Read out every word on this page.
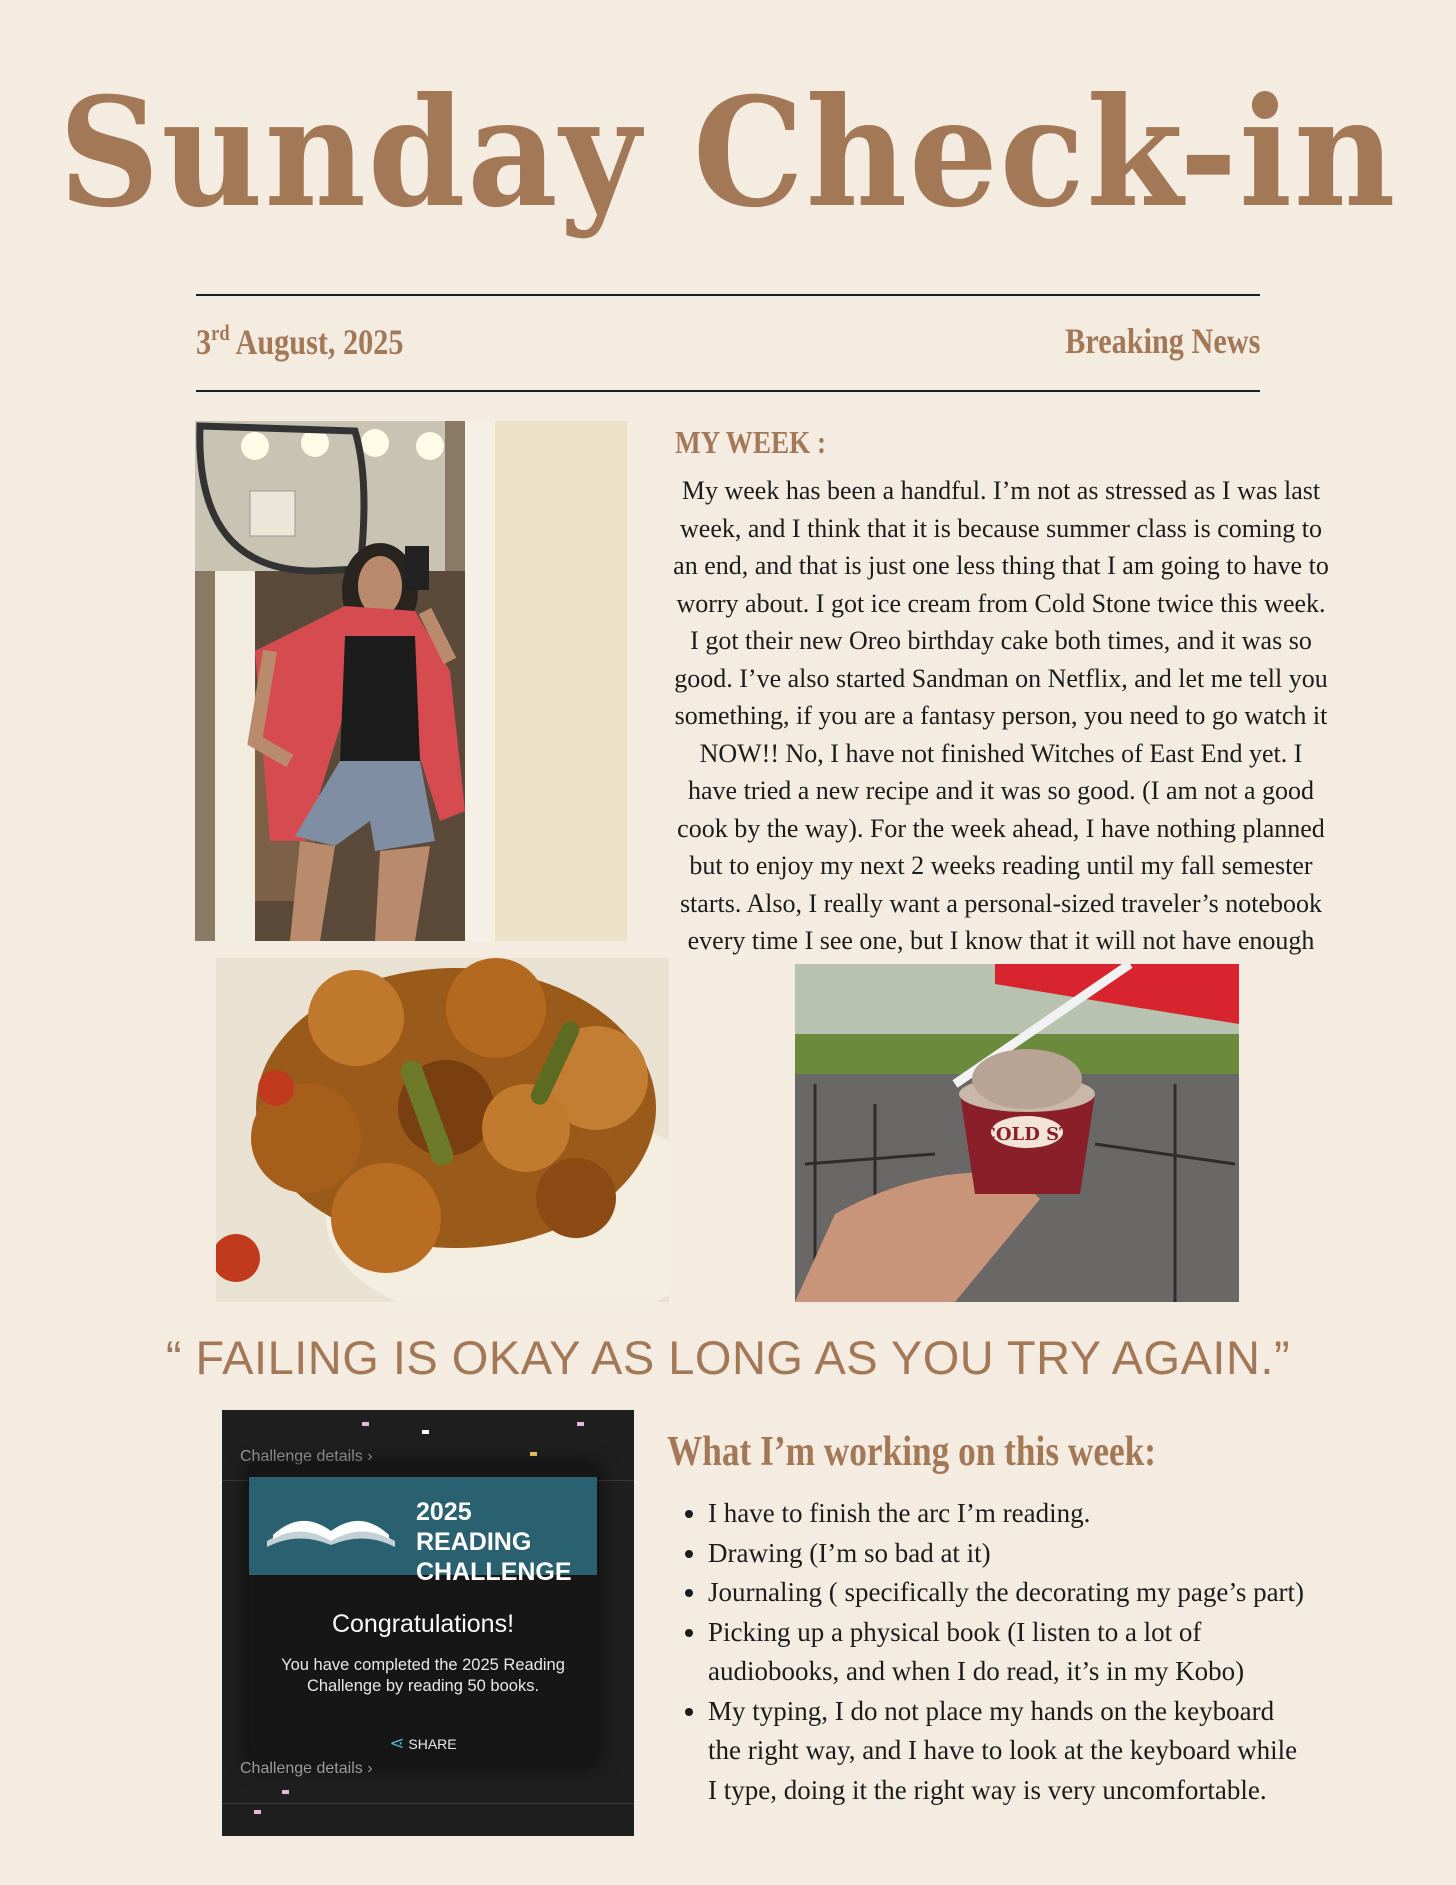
Sunday Check-in
3rd August, 2025	Breaking News
MY WEEK :
My week has been a handful. I’m not as stressed as I was last week, and I think that it is because summer class is coming to an end, and that is just one less thing that I am going to have to worry about. I got ice cream from Cold Stone twice this week. I got their new Oreo birthday cake both times, and it was so good. I’ve also started Sandman on Netflix, and let me tell you something, if you are a fantasy person, you need to go watch it NOW!! No, I have not finished Witches of East End yet. I have tried a new recipe and it was so good. (I am not a good cook by the way). For the week ahead, I have nothing planned but to enjoy my next 2 weeks reading until my fall semester starts. Also, I really want a personal-sized traveler’s notebook every time I see one, but I know that it will not have enough
COLD ST
“ FAILING IS OKAY AS LONG AS YOU TRY AGAIN.”
Challenge details ›
2025 READING
CHALLENGE
Congratulations!
You have completed the 2025 Reading Challenge by reading 50 books.
⋖ SHARE
Challenge details ›
What I’m working on this week:
• I have to finish the arc I’m reading.
• Drawing (I’m so bad at it)
• Journaling ( specifically the decorating my page’s part)
• Picking up a physical book (I listen to a lot of audiobooks, and when I do read, it’s in my Kobo)
• My typing, I do not place my hands on the keyboard the right way, and I have to look at the keyboard while I type, doing it the right way is very uncomfortable.
